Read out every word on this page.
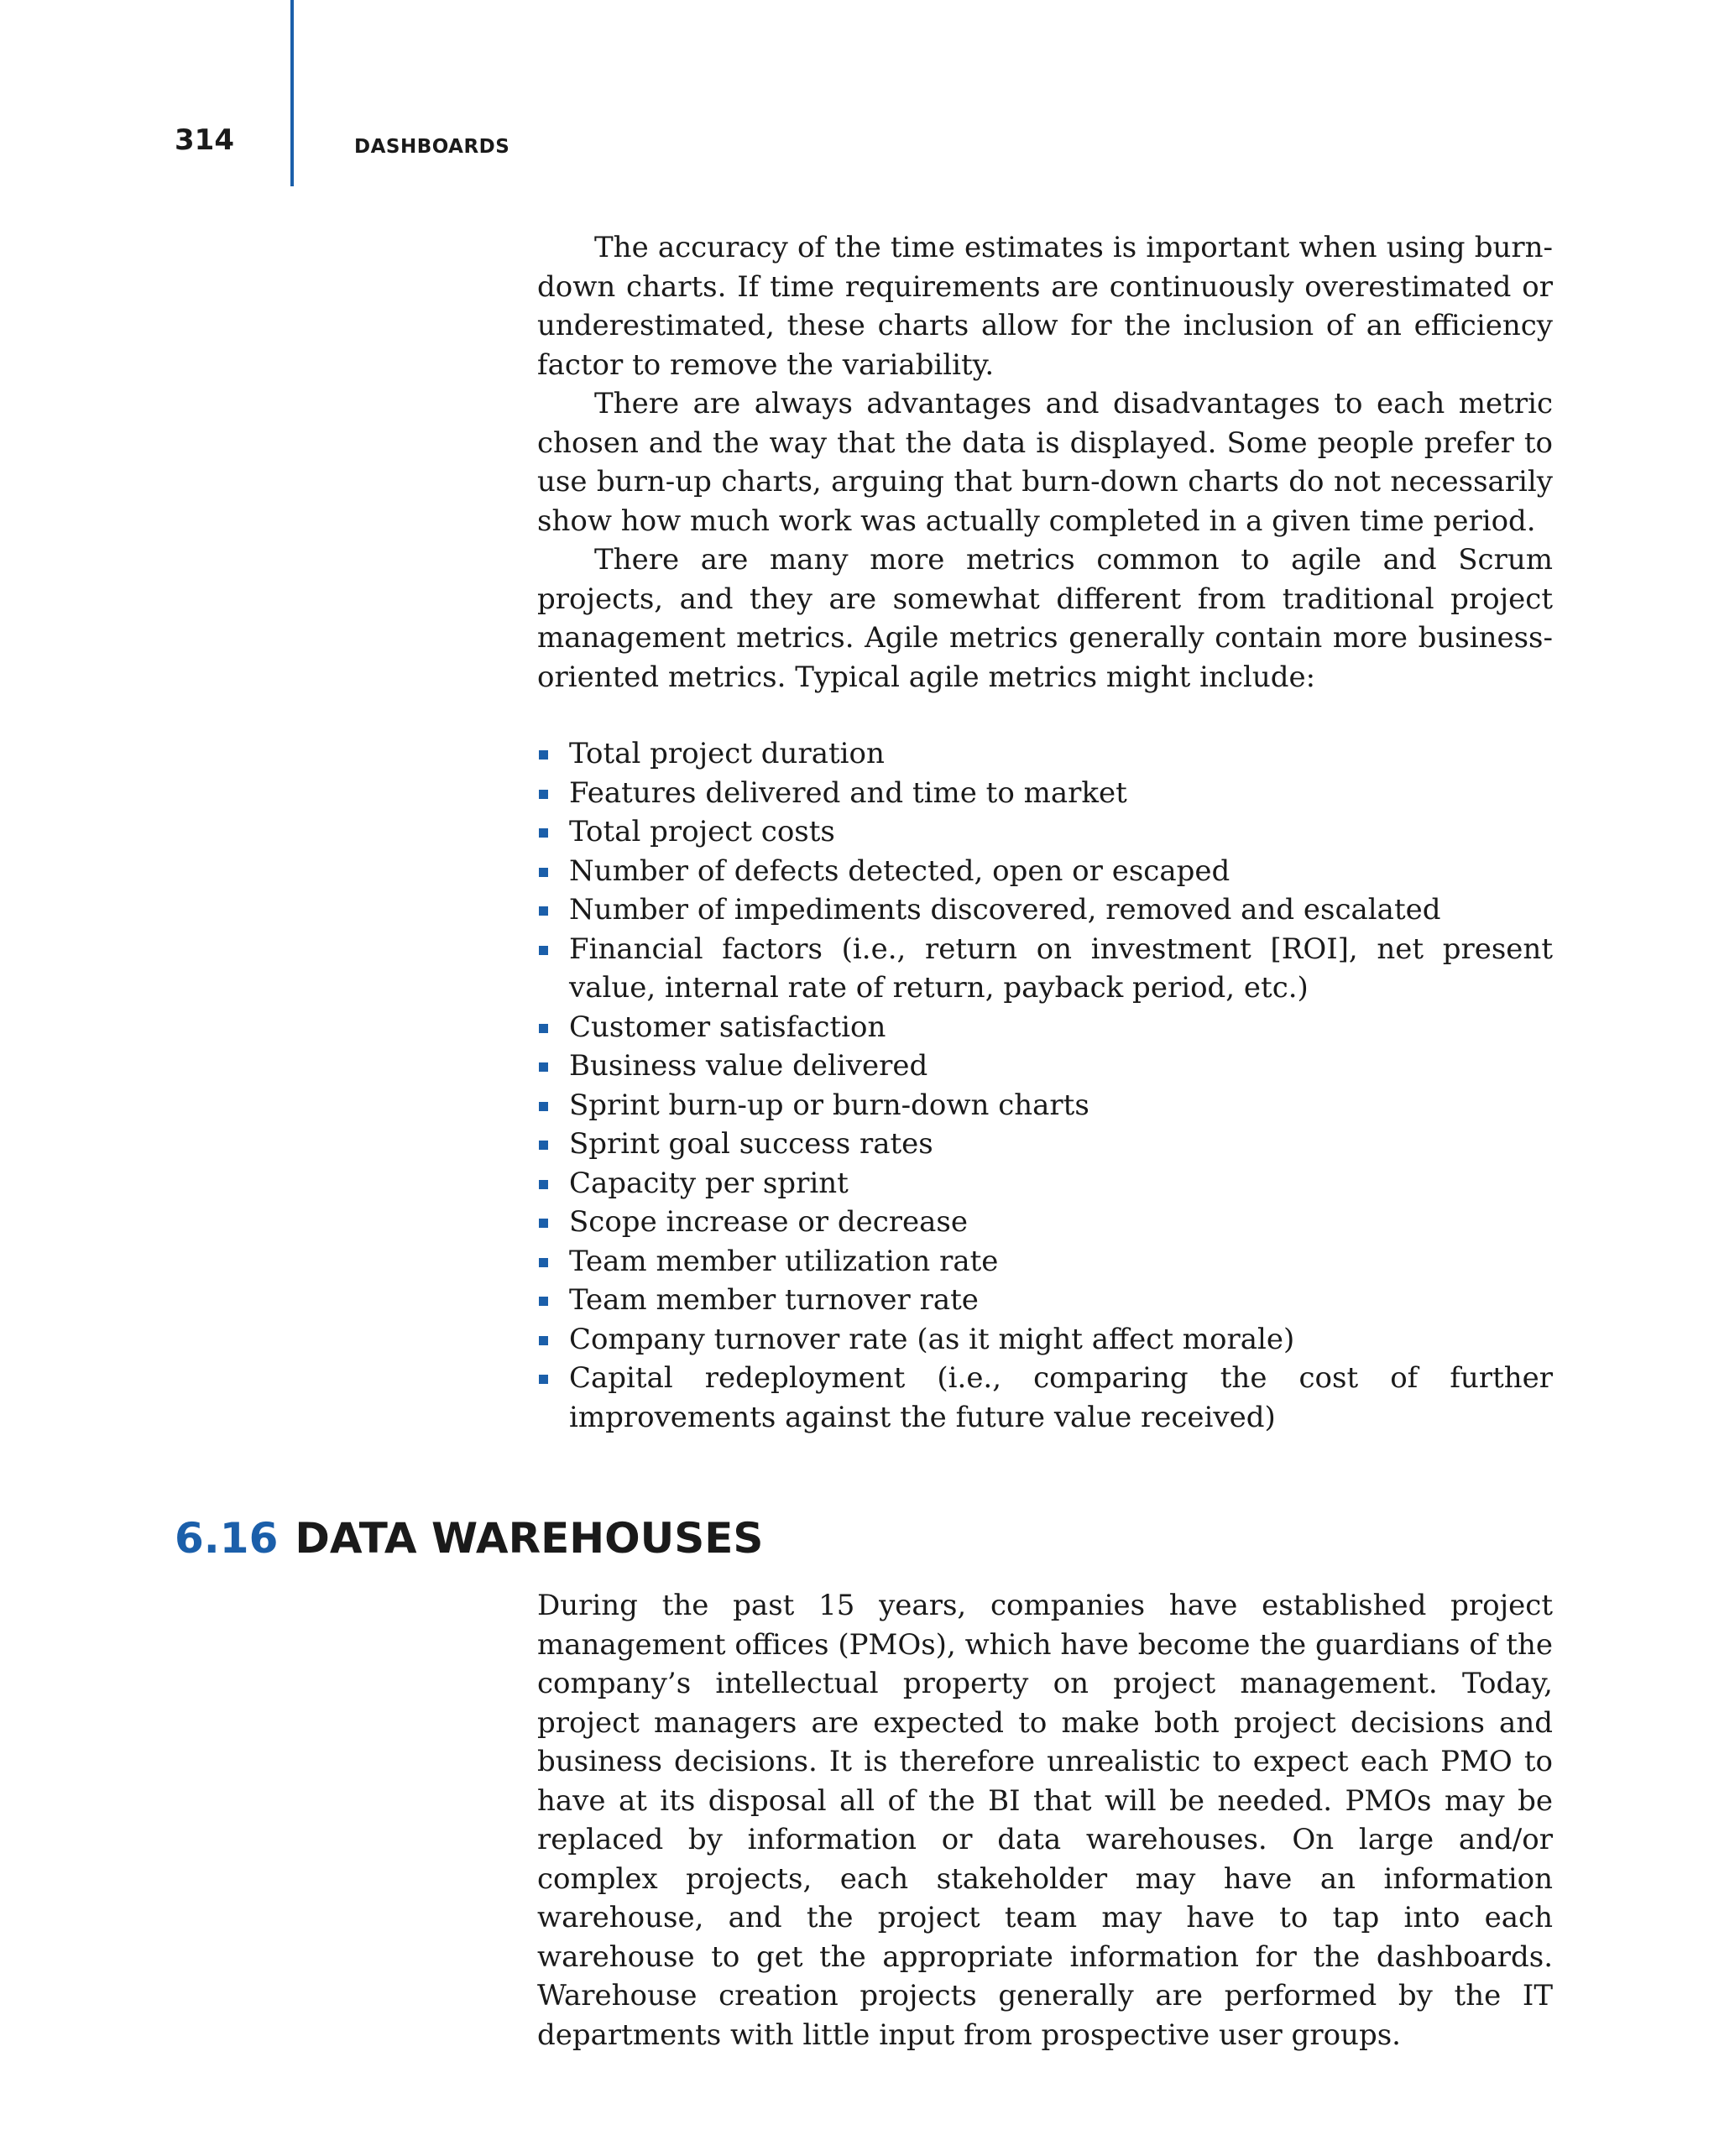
314	DASHBOARDS

The accuracy of the time estimates is important when using burn-down charts. If time requirements are continuously overestimated or underestimated, these charts allow for the inclusion of an efficiency factor to remove the variability.

There are always advantages and disadvantages to each metric chosen and the way that the data is displayed. Some people prefer to use burn-up charts, arguing that burn-down charts do not necessarily show how much work was actually completed in a given time period.

There are many more metrics common to agile and Scrum projects, and they are somewhat different from traditional project management metrics. Agile metrics generally contain more business-oriented metrics. Typical agile metrics might include:

Total project duration
Features delivered and time to market
Total project costs
Number of defects detected, open or escaped
Number of impediments discovered, removed and escalated
Financial factors (i.e., return on investment [ROI], net present value, internal rate of return, payback period, etc.)
Customer satisfaction
Business value delivered
Sprint burn-up or burn-down charts
Sprint goal success rates
Capacity per sprint
Scope increase or decrease
Team member utilization rate
Team member turnover rate
Company turnover rate (as it might affect morale)
Capital redeployment (i.e., comparing the cost of further improvements against the future value received)
6.16 DATA WAREHOUSES

During the past 15 years, companies have established project management offices (PMOs), which have become the guardians of the company’s intellectual property on project management. Today, project managers are expected to make both project decisions and business decisions. It is therefore unrealistic to expect each PMO to have at its disposal all of the BI that will be needed. PMOs may be replaced by information or data warehouses. On large and/or complex projects, each stakeholder may have an information warehouse, and the project team may have to tap into each warehouse to get the appropriate information for the dashboards. Warehouse creation projects generally are performed by the IT departments with little input from prospective user groups.
